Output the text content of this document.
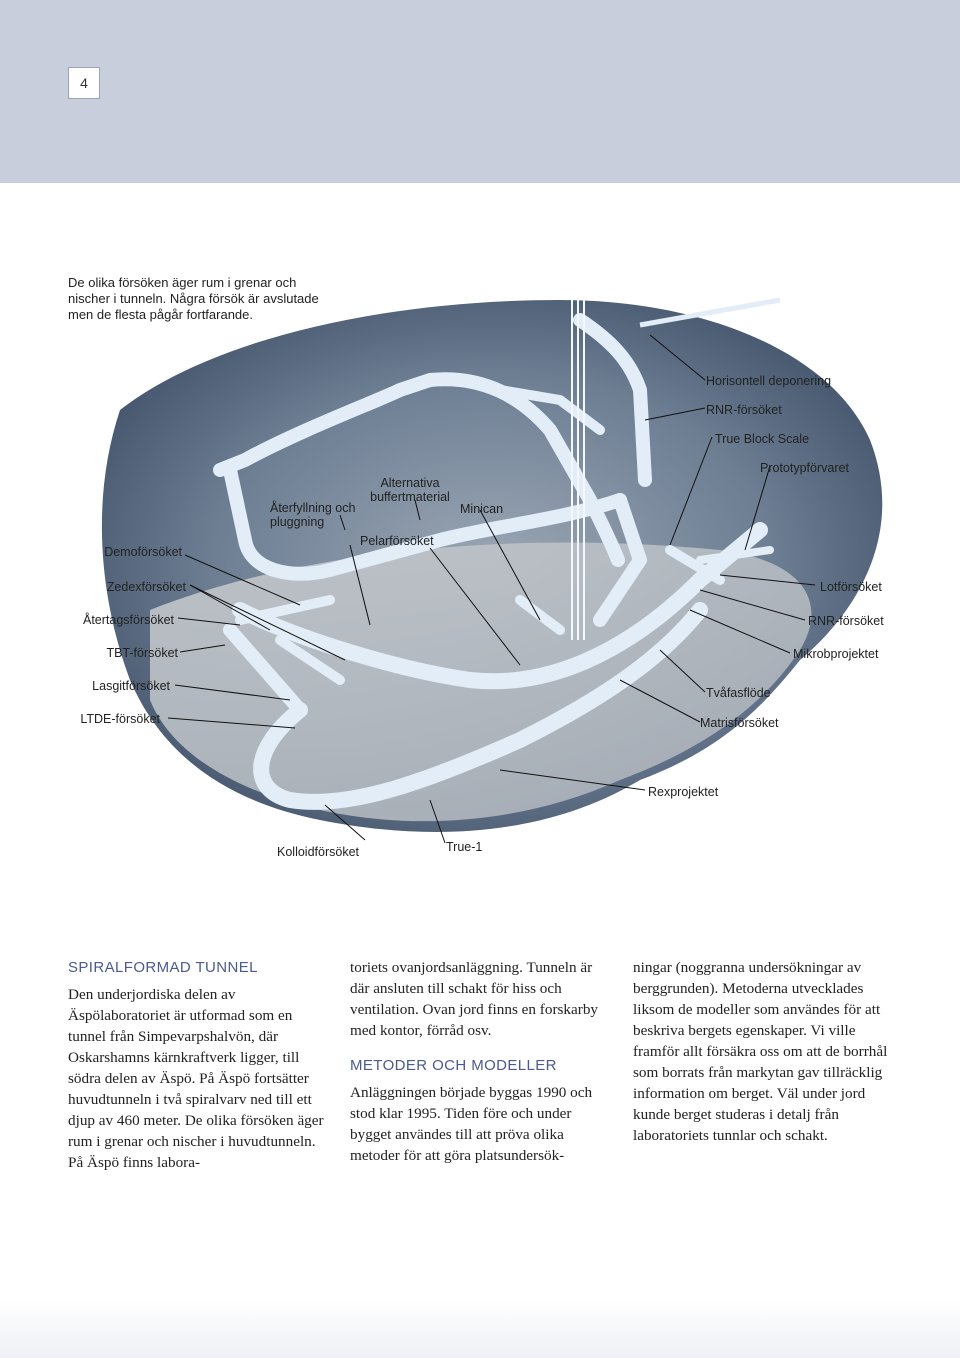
4
De olika försöken äger rum i grenar och nischer i tunneln. Några försök är avslutade men de flesta pågår fortfarande.
Horisontell deponering
RNR-försöket
True Block Scale
Prototypförvaret
Alternativa buffertmaterial
Återfyllning och pluggning
Minican
Pelarförsöket
Demoförsöket
Zedexförsöket
Återtagsförsöket
TBT-försöket
Lasgitförsöket
LTDE-försöket
Lotförsöket
RNR-försöket
Mikrobprojektet
Tvåfasflöde
Matrisförsöket
Rexprojektet
Kolloidförsöket	True-1
SPIRALFORMAD TUNNEL

Den underjordiska delen av Äspölaboratoriet är utformad som en tunnel från Simpevarpshalvön, där Oskarshamns kärnkraftverk ligger, till södra delen av Äspö. På Äspö fortsätter huvudtunneln i två spiralvarv ned till ett djup av 460 meter. De olika försöken äger rum i grenar och nischer i huvudtunneln. På Äspö finns labora-

toriets ovanjordsanläggning. Tunneln är där ansluten till schakt för hiss och ventilation. Ovan jord finns en forskarby med kontor, förråd osv.

METODER OCH MODELLER

Anläggningen började byggas 1990 och stod klar 1995. Tiden före och under bygget användes till att pröva olika metoder för att göra platsundersök-

ningar (noggranna undersökningar av berggrunden). Metoderna utvecklades liksom de modeller som användes för att beskriva bergets egenskaper. Vi ville framför allt försäkra oss om att de borrhål som borrats från markytan gav tillräcklig information om berget. Väl under jord kunde berget studeras i detalj från laboratoriets tunnlar och schakt.
